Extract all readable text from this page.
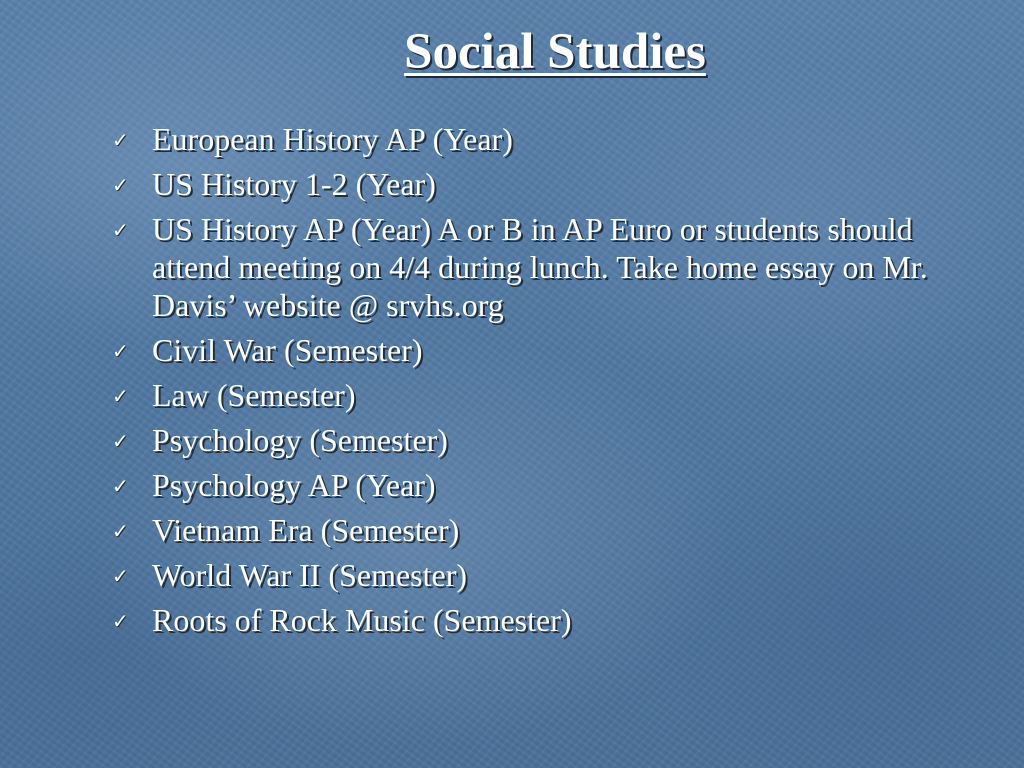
Social Studies
✓ European History AP (Year)
✓ US History 1-2 (Year)
✓ US History AP (Year) A or B in AP Euro or students should attend meeting on 4/4 during lunch. Take home essay on Mr. Davis’ website @ srvhs.org
✓ Civil War (Semester)
✓ Law (Semester)
✓ Psychology (Semester)
✓ Psychology AP (Year)
✓ Vietnam Era (Semester)
✓ World War II (Semester)
✓ Roots of Rock Music (Semester)
